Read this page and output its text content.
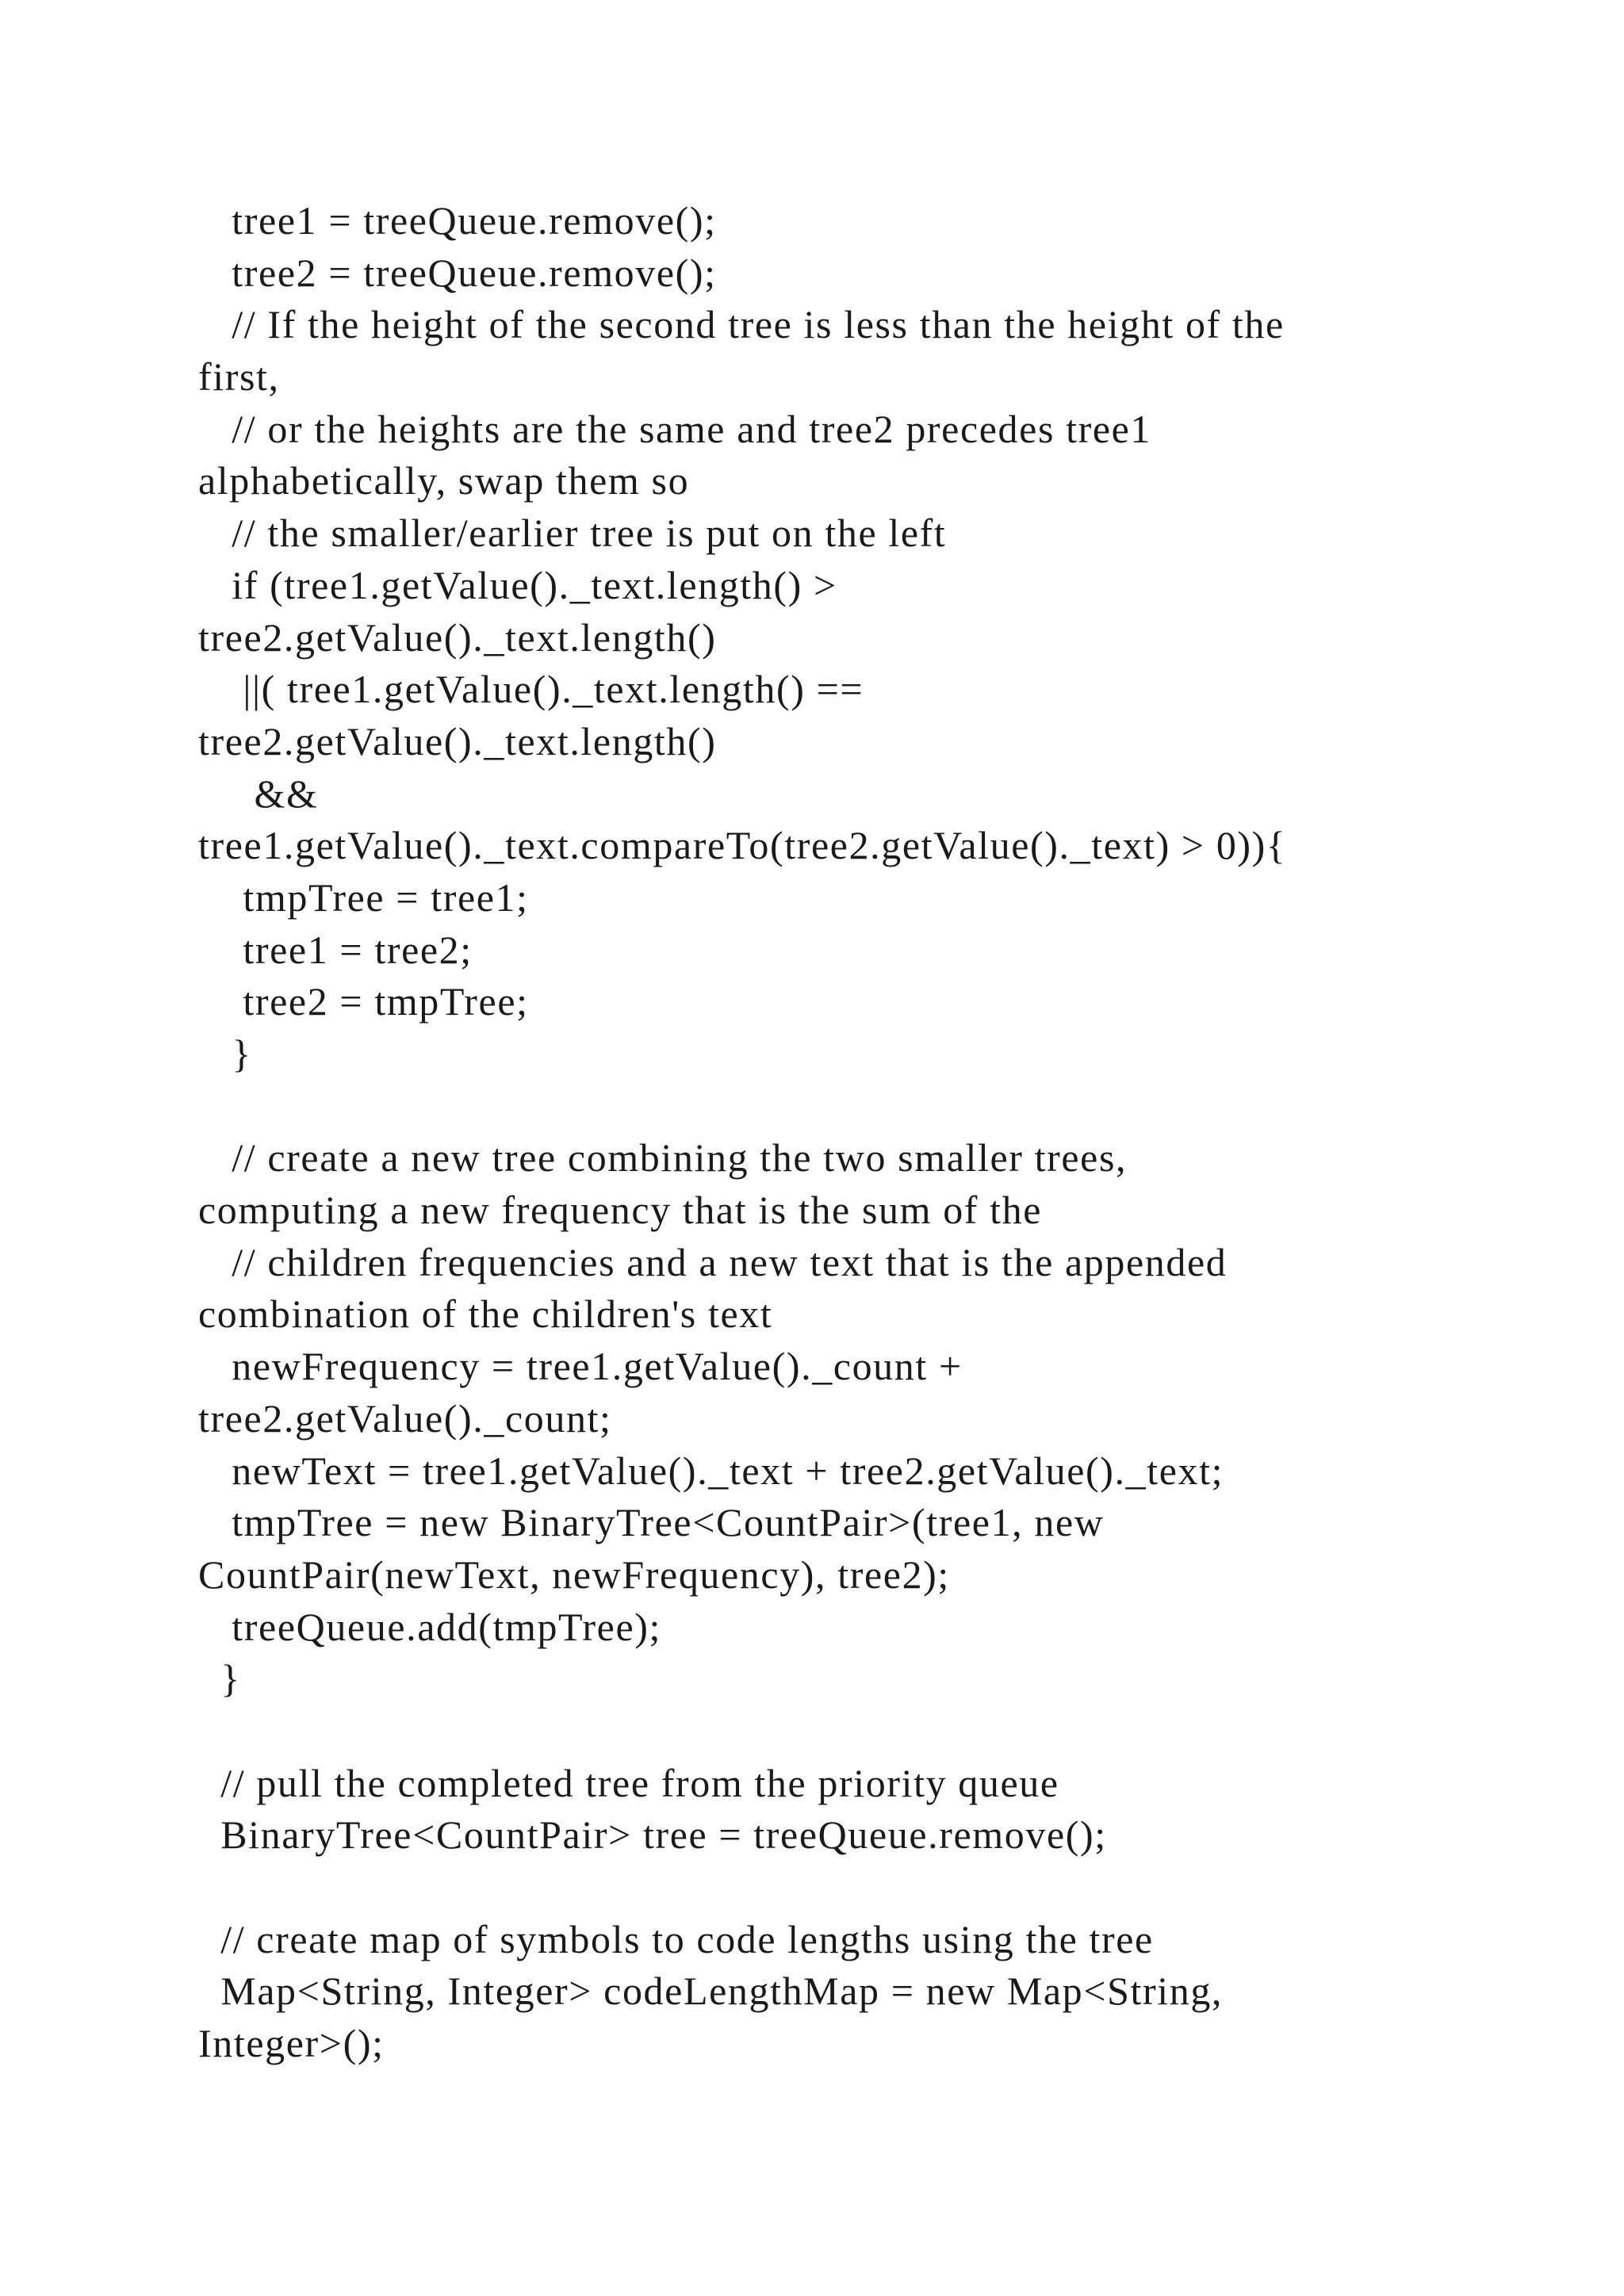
tree1 = treeQueue.remove();
tree2 = treeQueue.remove();
// If the height of the second tree is less than the height of the
first,
// or the heights are the same and tree2 precedes tree1
alphabetically, swap them so
// the smaller/earlier tree is put on the left
if (tree1.getValue()._text.length() >
tree2.getValue()._text.length()
||( tree1.getValue()._text.length() ==
tree2.getValue()._text.length()
&&
tree1.getValue()._text.compareTo(tree2.getValue()._text) > 0)){
tmpTree = tree1;
tree1 = tree2;
tree2 = tmpTree;
}
// create a new tree combining the two smaller trees,
computing a new frequency that is the sum of the
// children frequencies and a new text that is the appended
combination of the children's text
newFrequency = tree1.getValue()._count +
tree2.getValue()._count;
newText = tree1.getValue()._text + tree2.getValue()._text;
tmpTree = new BinaryTree<CountPair>(tree1, new
CountPair(newText, newFrequency), tree2);
treeQueue.add(tmpTree);
}
// pull the completed tree from the priority queue
BinaryTree<CountPair> tree = treeQueue.remove();
// create map of symbols to code lengths using the tree
Map<String, Integer> codeLengthMap = new Map<String,
Integer>();
